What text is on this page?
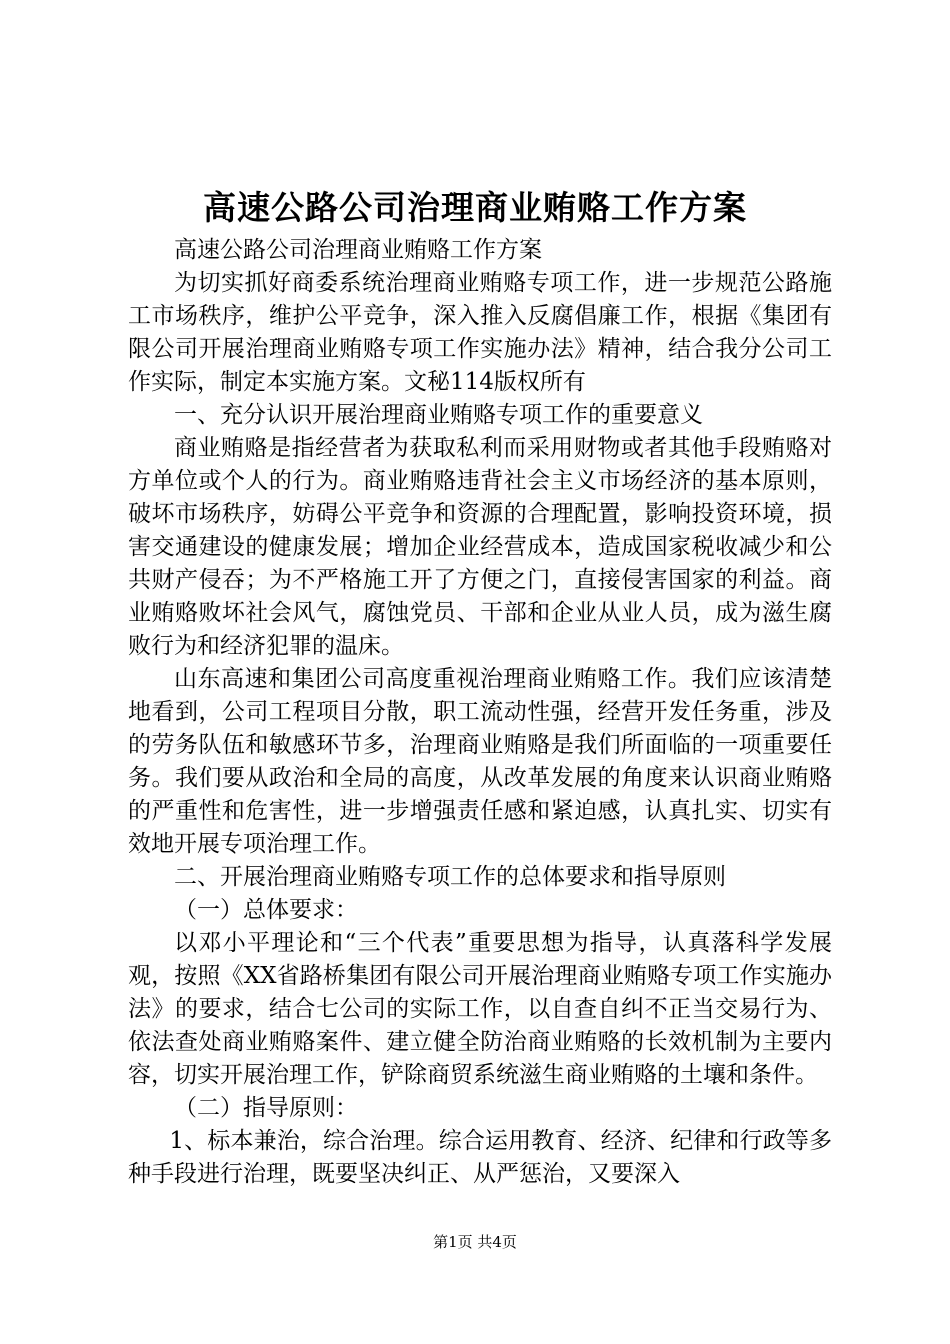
高速公路公司治理商业贿赂工作方案

高速公路公司治理商业贿赂工作方案

为切实抓好商委系统治理商业贿赂专项工作，进一步规范公路施工市场秩序，维护公平竞争，深入推入反腐倡廉工作，根据《集团有限公司开展治理商业贿赂专项工作实施办法》精神，结合我分公司工作实际，制定本实施方案。文秘114版权所有

一、充分认识开展治理商业贿赂专项工作的重要意义

商业贿赂是指经营者为获取私利而采用财物或者其他手段贿赂对方单位或个人的行为。商业贿赂违背社会主义市场经济的基本原则，破坏市场秩序，妨碍公平竞争和资源的合理配置，影响投资环境，损害交通建设的健康发展；增加企业经营成本，造成国家税收减少和公共财产侵吞；为不严格施工开了方便之门，直接侵害国家的利益。商业贿赂败坏社会风气，腐蚀党员、干部和企业从业人员，成为滋生腐败行为和经济犯罪的温床。

山东高速和集团公司高度重视治理商业贿赂工作。我们应该清楚地看到，公司工程项目分散，职工流动性强，经营开发任务重，涉及的劳务队伍和敏感环节多，治理商业贿赂是我们所面临的一项重要任务。我们要从政治和全局的高度，从改革发展的角度来认识商业贿赂的严重性和危害性，进一步增强责任感和紧迫感，认真扎实、切实有效地开展专项治理工作。

二、开展治理商业贿赂专项工作的总体要求和指导原则

（一）总体要求：

以邓小平理论和“三个代表”重要思想为指导，认真落科学发展观，按照《XX省路桥集团有限公司开展治理商业贿赂专项工作实施办法》的要求，结合七公司的实际工作，以自查自纠不正当交易行为、依法查处商业贿赂案件、建立健全防治商业贿赂的长效机制为主要内容，切实开展治理工作，铲除商贸系统滋生商业贿赂的土壤和条件。

（二）指导原则：

1、标本兼治，综合治理。综合运用教育、经济、纪律和行政等多种手段进行治理，既要坚决纠正、从严惩治，又要深入

第1页 共4页
